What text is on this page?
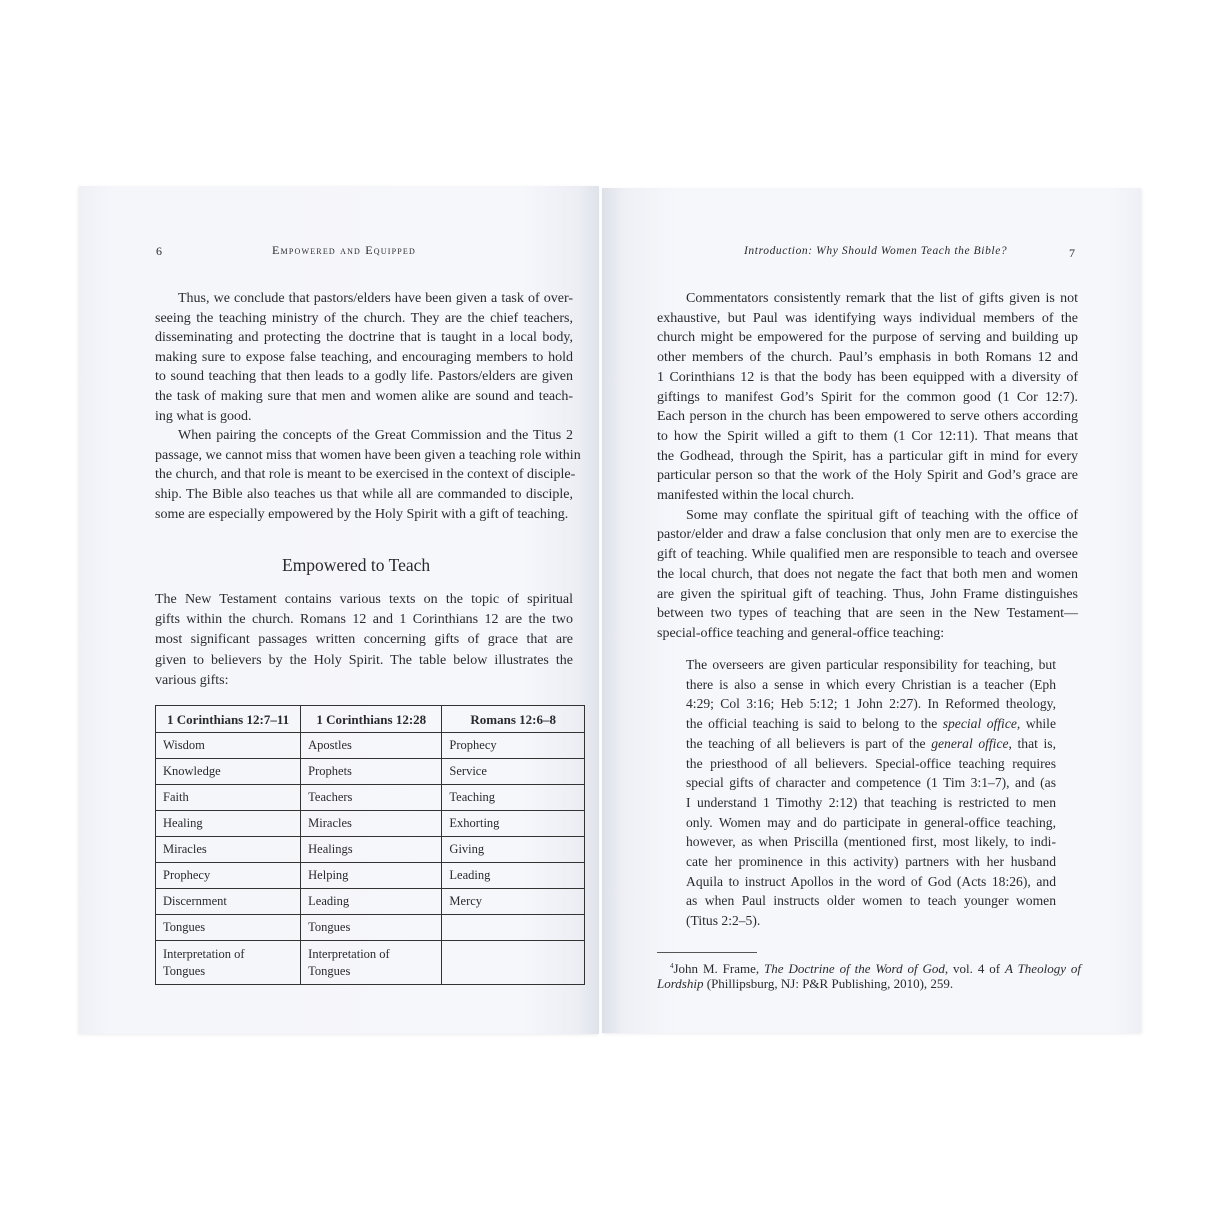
6	Empowered and Equipped	Introduction: Why Should Women Teach the Bible?	7
Thus, we conclude that pastors/elders have been given a task of over-
seeing the teaching ministry of the church. They are the chief teachers,
disseminating and protecting the doctrine that is taught in a local body,
making sure to expose false teaching, and encouraging members to hold
to sound teaching that then leads to a godly life. Pastors/elders are given
the task of making sure that men and women alike are sound and teach-
ing what is good.
When pairing the concepts of the Great Commission and the Titus 2
passage, we cannot miss that women have been given a teaching role within
the church, and that role is meant to be exercised in the context of disciple-
ship. The Bible also teaches us that while all are commanded to disciple,
some are especially empowered by the Holy Spirit with a gift of teaching.
The New Testament contains various texts on the topic of spiritual
gifts within the church. Romans 12 and 1 Corinthians 12 are the two
most significant passages written concerning gifts of grace that are
given to believers by the Holy Spirit. The table below illustrates the
various gifts:
Commentators consistently remark that the list of gifts given is not
exhaustive, but Paul was identifying ways individual members of the
church might be empowered for the purpose of serving and building up
other members of the church. Paul’s emphasis in both Romans 12 and
1 Corinthians 12 is that the body has been equipped with a diversity of
giftings to manifest God’s Spirit for the common good (1 Cor 12:7).
Each person in the church has been empowered to serve others according
to how the Spirit willed a gift to them (1 Cor 12:11). That means that
the Godhead, through the Spirit, has a particular gift in mind for every
particular person so that the work of the Holy Spirit and God’s grace are
manifested within the local church.
Some may conflate the spiritual gift of teaching with the office of
pastor/elder and draw a false conclusion that only men are to exercise the
gift of teaching. While qualified men are responsible to teach and oversee
the local church, that does not negate the fact that both men and women
are given the spiritual gift of teaching. Thus, John Frame distinguishes
between two types of teaching that are seen in the New Testament—
special-office teaching and general-office teaching:
The overseers are given particular responsibility for teaching, but
there is also a sense in which every Christian is a teacher (Eph
4:29; Col 3:16; Heb 5:12; 1 John 2:27). In Reformed theology,
the official teaching is said to belong to the special office, while
the teaching of all believers is part of the general office, that is,
the priesthood of all believers. Special-office teaching requires
special gifts of character and competence (1 Tim 3:1–7), and (as
I understand 1 Timothy 2:12) that teaching is restricted to men
only. Women may and do participate in general-office teaching,
however, as when Priscilla (mentioned first, most likely, to indi-
cate her prominence in this activity) partners with her husband
Aquila to instruct Apollos in the word of God (Acts 18:26), and
as when Paul instructs older women to teach younger women
(Titus 2:2–5).
$^4$John M. Frame, The Doctrine of the Word of God, vol. 4 of A Theology of
Lordship (Phillipsburg, NJ: P&R Publishing, 2010), 259.
Empowered to Teach
1 Corinthians 12:7–11	1 Corinthians 12:28	Romans 12:6–8
Wisdom	Apostles	Prophecy
Knowledge	Prophets	Service
Faith	Teachers	Teaching
Healing	Miracles	Exhorting
Miracles	Healings	Giving
Prophecy	Helping	Leading
Discernment	Leading	Mercy
Tongues	Tongues	
Interpretation of Tongues	Interpretation of Tongues	
